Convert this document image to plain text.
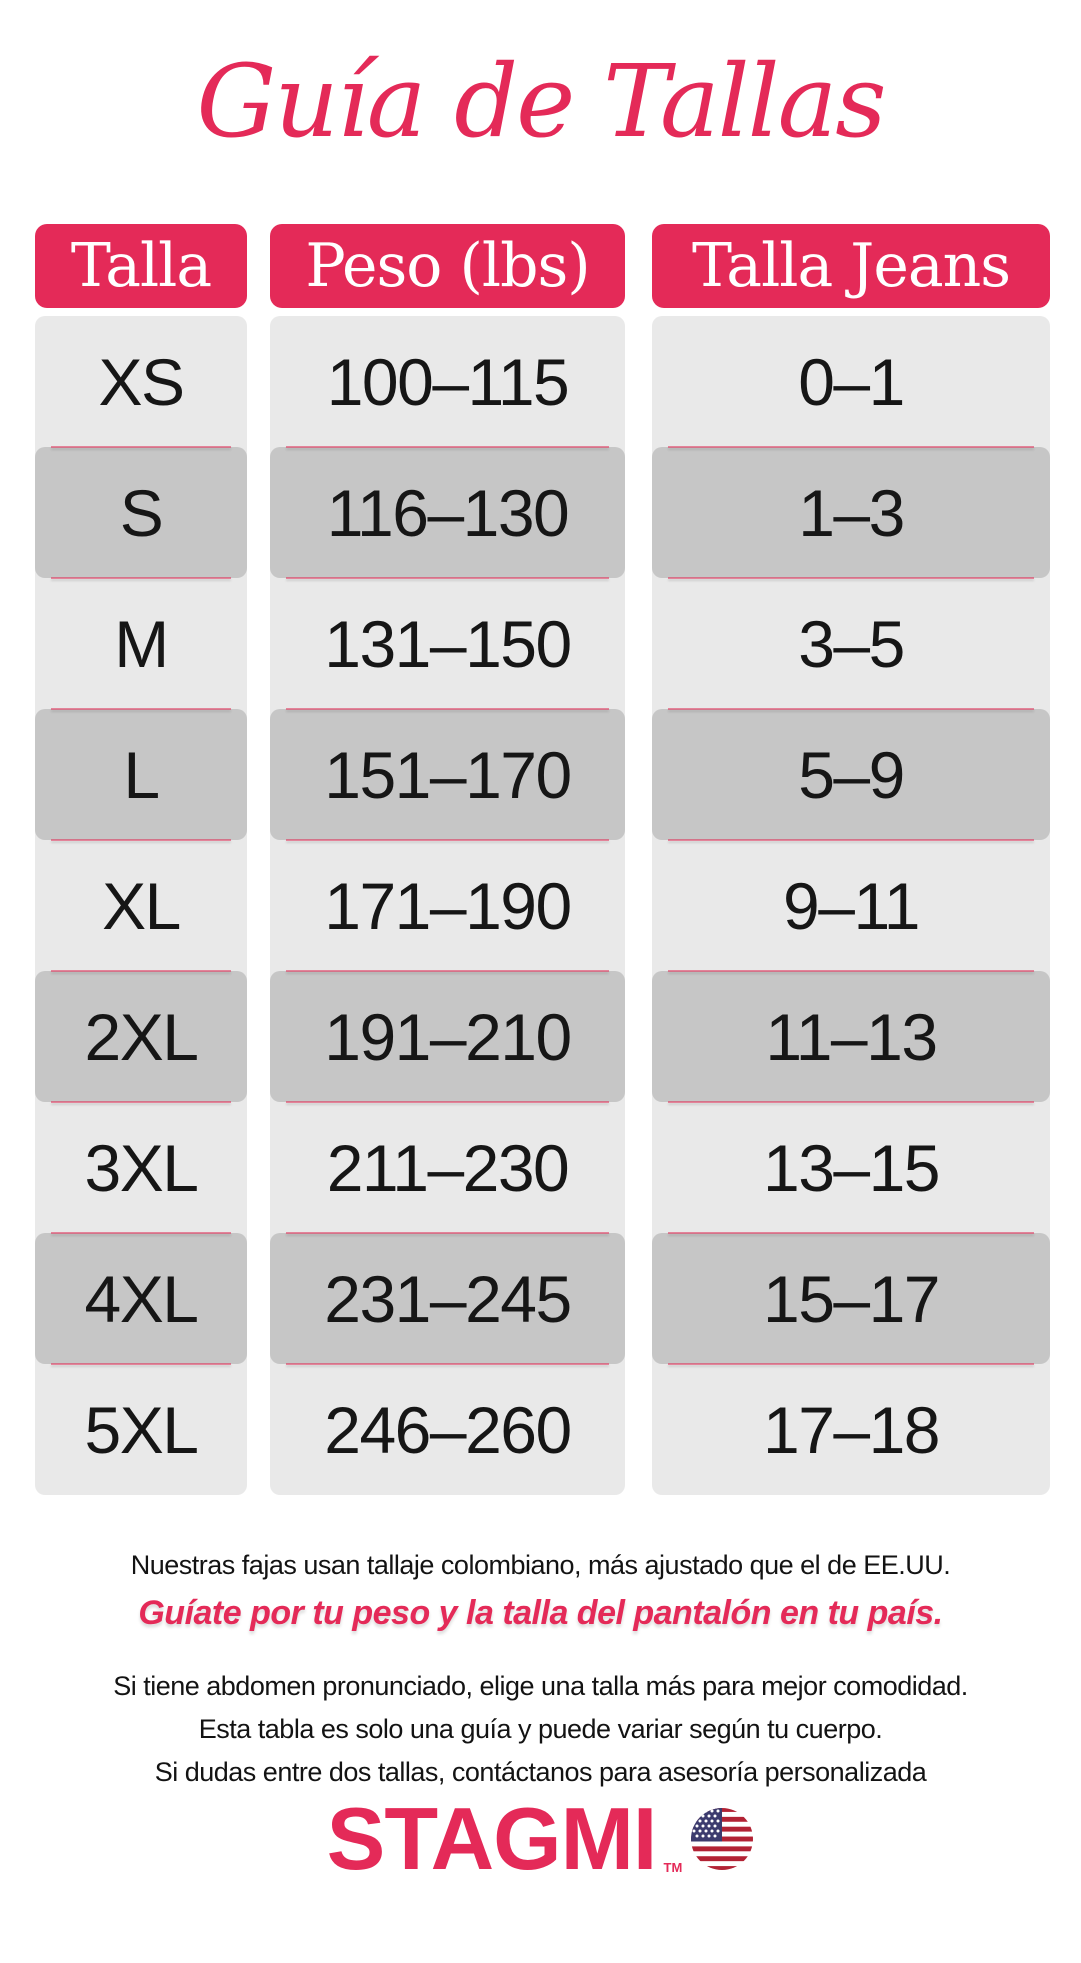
Guía de Tallas
Talla
XS
S
M
L
XL
2XL
3XL
4XL
5XL
Peso (lbs)
100–115
116–130
131–150
151–170
171–190
191–210
211–230
231–245
246–260
Talla Jeans
0–1
1–3
3–5
5–9
9–11
11–13
13–15
15–17
17–18

Nuestras fajas usan tallaje colombiano, más ajustado que el de EE.UU.

Guíate por tu peso y la talla del pantalón en tu país.

Si tiene abdomen pronunciado, elige una talla más para mejor comodidad.

Esta tabla es solo una guía y puede variar según tu cuerpo.

Si dudas entre dos tallas, contáctanos para asesoría personalizada

STAGMI TM
